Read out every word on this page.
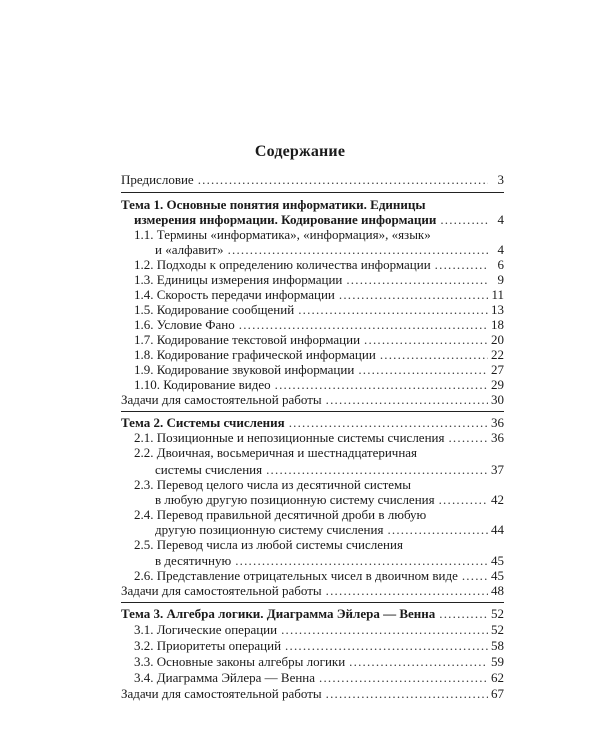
Содержание
Предисловие .....	3
Тема 1. Основные понятия информатики. Единицы
измерения информации. Кодирование информации .....	4
1.1. Термины «информатика», «информация», «язык»
и «алфавит» .....	4
1.2. Подходы к определению количества информации .....	6
1.3. Единицы измерения информации .....	9
1.4. Скорость передачи информации .....	11
1.5. Кодирование сообщений .....	13
1.6. Условие Фано .....	18
1.7. Кодирование текстовой информации .....	20
1.8. Кодирование графической информации .....	22
1.9. Кодирование звуковой информации .....	27
1.10. Кодирование видео .....	29
Задачи для самостоятельной работы .....	30
Тема 2. Системы счисления .....	36
2.1. Позиционные и непозиционные системы счисления .....	36
2.2. Двоичная, восьмеричная и шестнадцатеричная
системы счисления .....	37
2.3. Перевод целого числа из десятичной системы
в любую другую позиционную систему счисления .....	42
2.4. Перевод правильной десятичной дроби в любую
другую позиционную систему счисления .....	44
2.5. Перевод числа из любой системы счисления
в десятичную .....	45
2.6. Представление отрицательных чисел в двоичном виде .....	45
Задачи для самостоятельной работы .....	48
Тема 3. Алгебра логики. Диаграмма Эйлера — Венна .....	52
3.1. Логические операции .....	52
3.2. Приоритеты операций .....	58
3.3. Основные законы алгебры логики .....	59
3.4. Диаграмма Эйлера — Венна .....	62
Задачи для самостоятельной работы .....	67
